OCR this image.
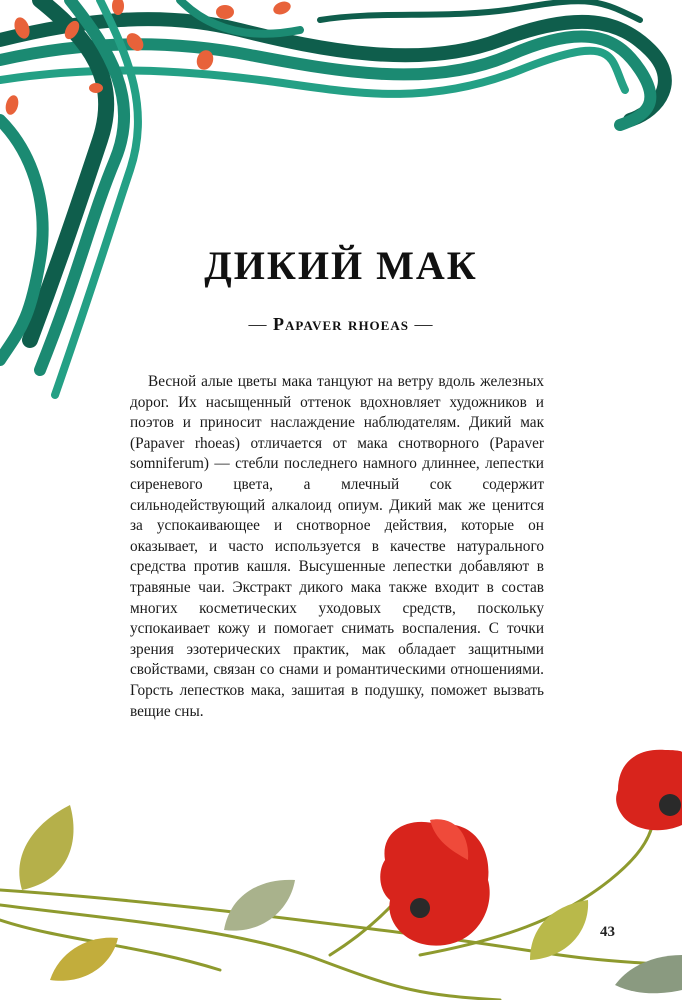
ДИКИЙ МАК
— Papaver rhoeas —

Весной алые цветы мака танцуют на ветру вдоль железных дорог. Их насыщенный оттенок вдохновляет художников и поэтов и приносит наслаждение наблюдателям. Дикий мак (Papaver rhoeas) отличается от мака снотворного (Papaver somniferum) — стебли последнего намного длиннее, лепестки сиреневого цвета, а млечный сок содержит сильнодействующий алкалоид опиум. Дикий мак же ценится за успокаивающее и снотворное действия, которые он оказывает, и часто используется в качестве натурального средства против кашля. Высушенные лепестки добавляют в травяные чаи. Экстракт дикого мака также входит в состав многих косметических уходовых средств, поскольку успокаивает кожу и помогает снимать воспаления. С точки зрения эзотерических практик, мак обладает защитными свойствами, связан со снами и романтическими отношениями. Горсть лепестков мака, зашитая в подушку, поможет вызвать вещие сны.

43
